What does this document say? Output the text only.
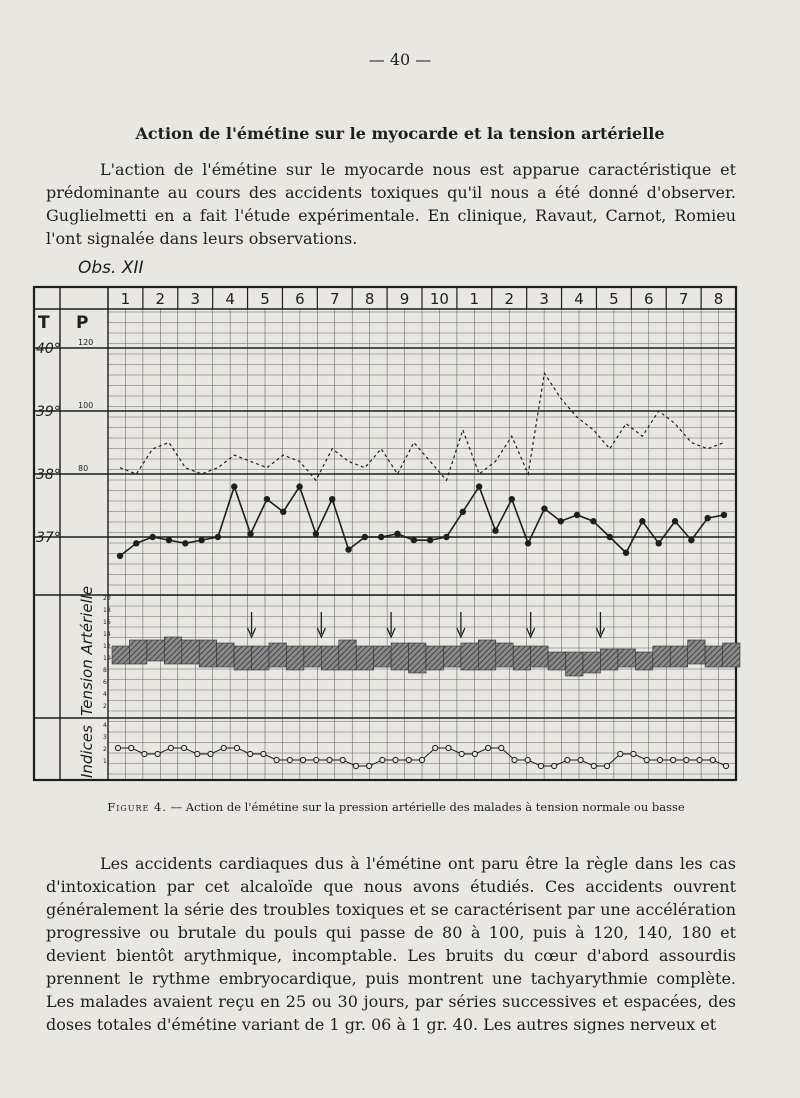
— 40 —
Action de l'émétine sur le myocarde et la tension artérielle
L'action de l'émétine sur le myocarde nous est apparue caractéristique et prédominante au cours des accidents toxiques qu'il nous a été donné d'observer. Guglielmetti en a fait l'étude expérimentale. En clinique, Ravaut, Carnot, Romieu l'ont signalée dans leurs observations.
Obs. XII
1 2 3 4 5 6 7 8 9 10 1 2 3 4 5 6 7 8
T P
40°
39°
38°
37°
120
100
80
Tension Artérielle
Indices
20
18
16
14
12
10
8
6
4
2
4
3
2
1
Figure 4. — Action de l'émétine sur la pression artérielle des malades à tension normale ou basse
Les accidents cardiaques dus à l'émétine ont paru être la règle dans les cas d'intoxication par cet alcaloïde que nous avons étudiés. Ces accidents ouvrent généralement la série des troubles toxiques et se caractérisent par une accélération progressive ou brutale du pouls qui passe de 80 à 100, puis à 120, 140, 180 et devient bientôt arythmique, incomptable. Les bruits du cœur d'abord assourdis prennent le rythme embryocardique, puis montrent une tachyarythmie complète. Les malades avaient reçu en 25 ou 30 jours, par séries successives et espacées, des doses totales d'émétine variant de 1 gr. 06 à 1 gr. 40. Les autres signes nerveux et
